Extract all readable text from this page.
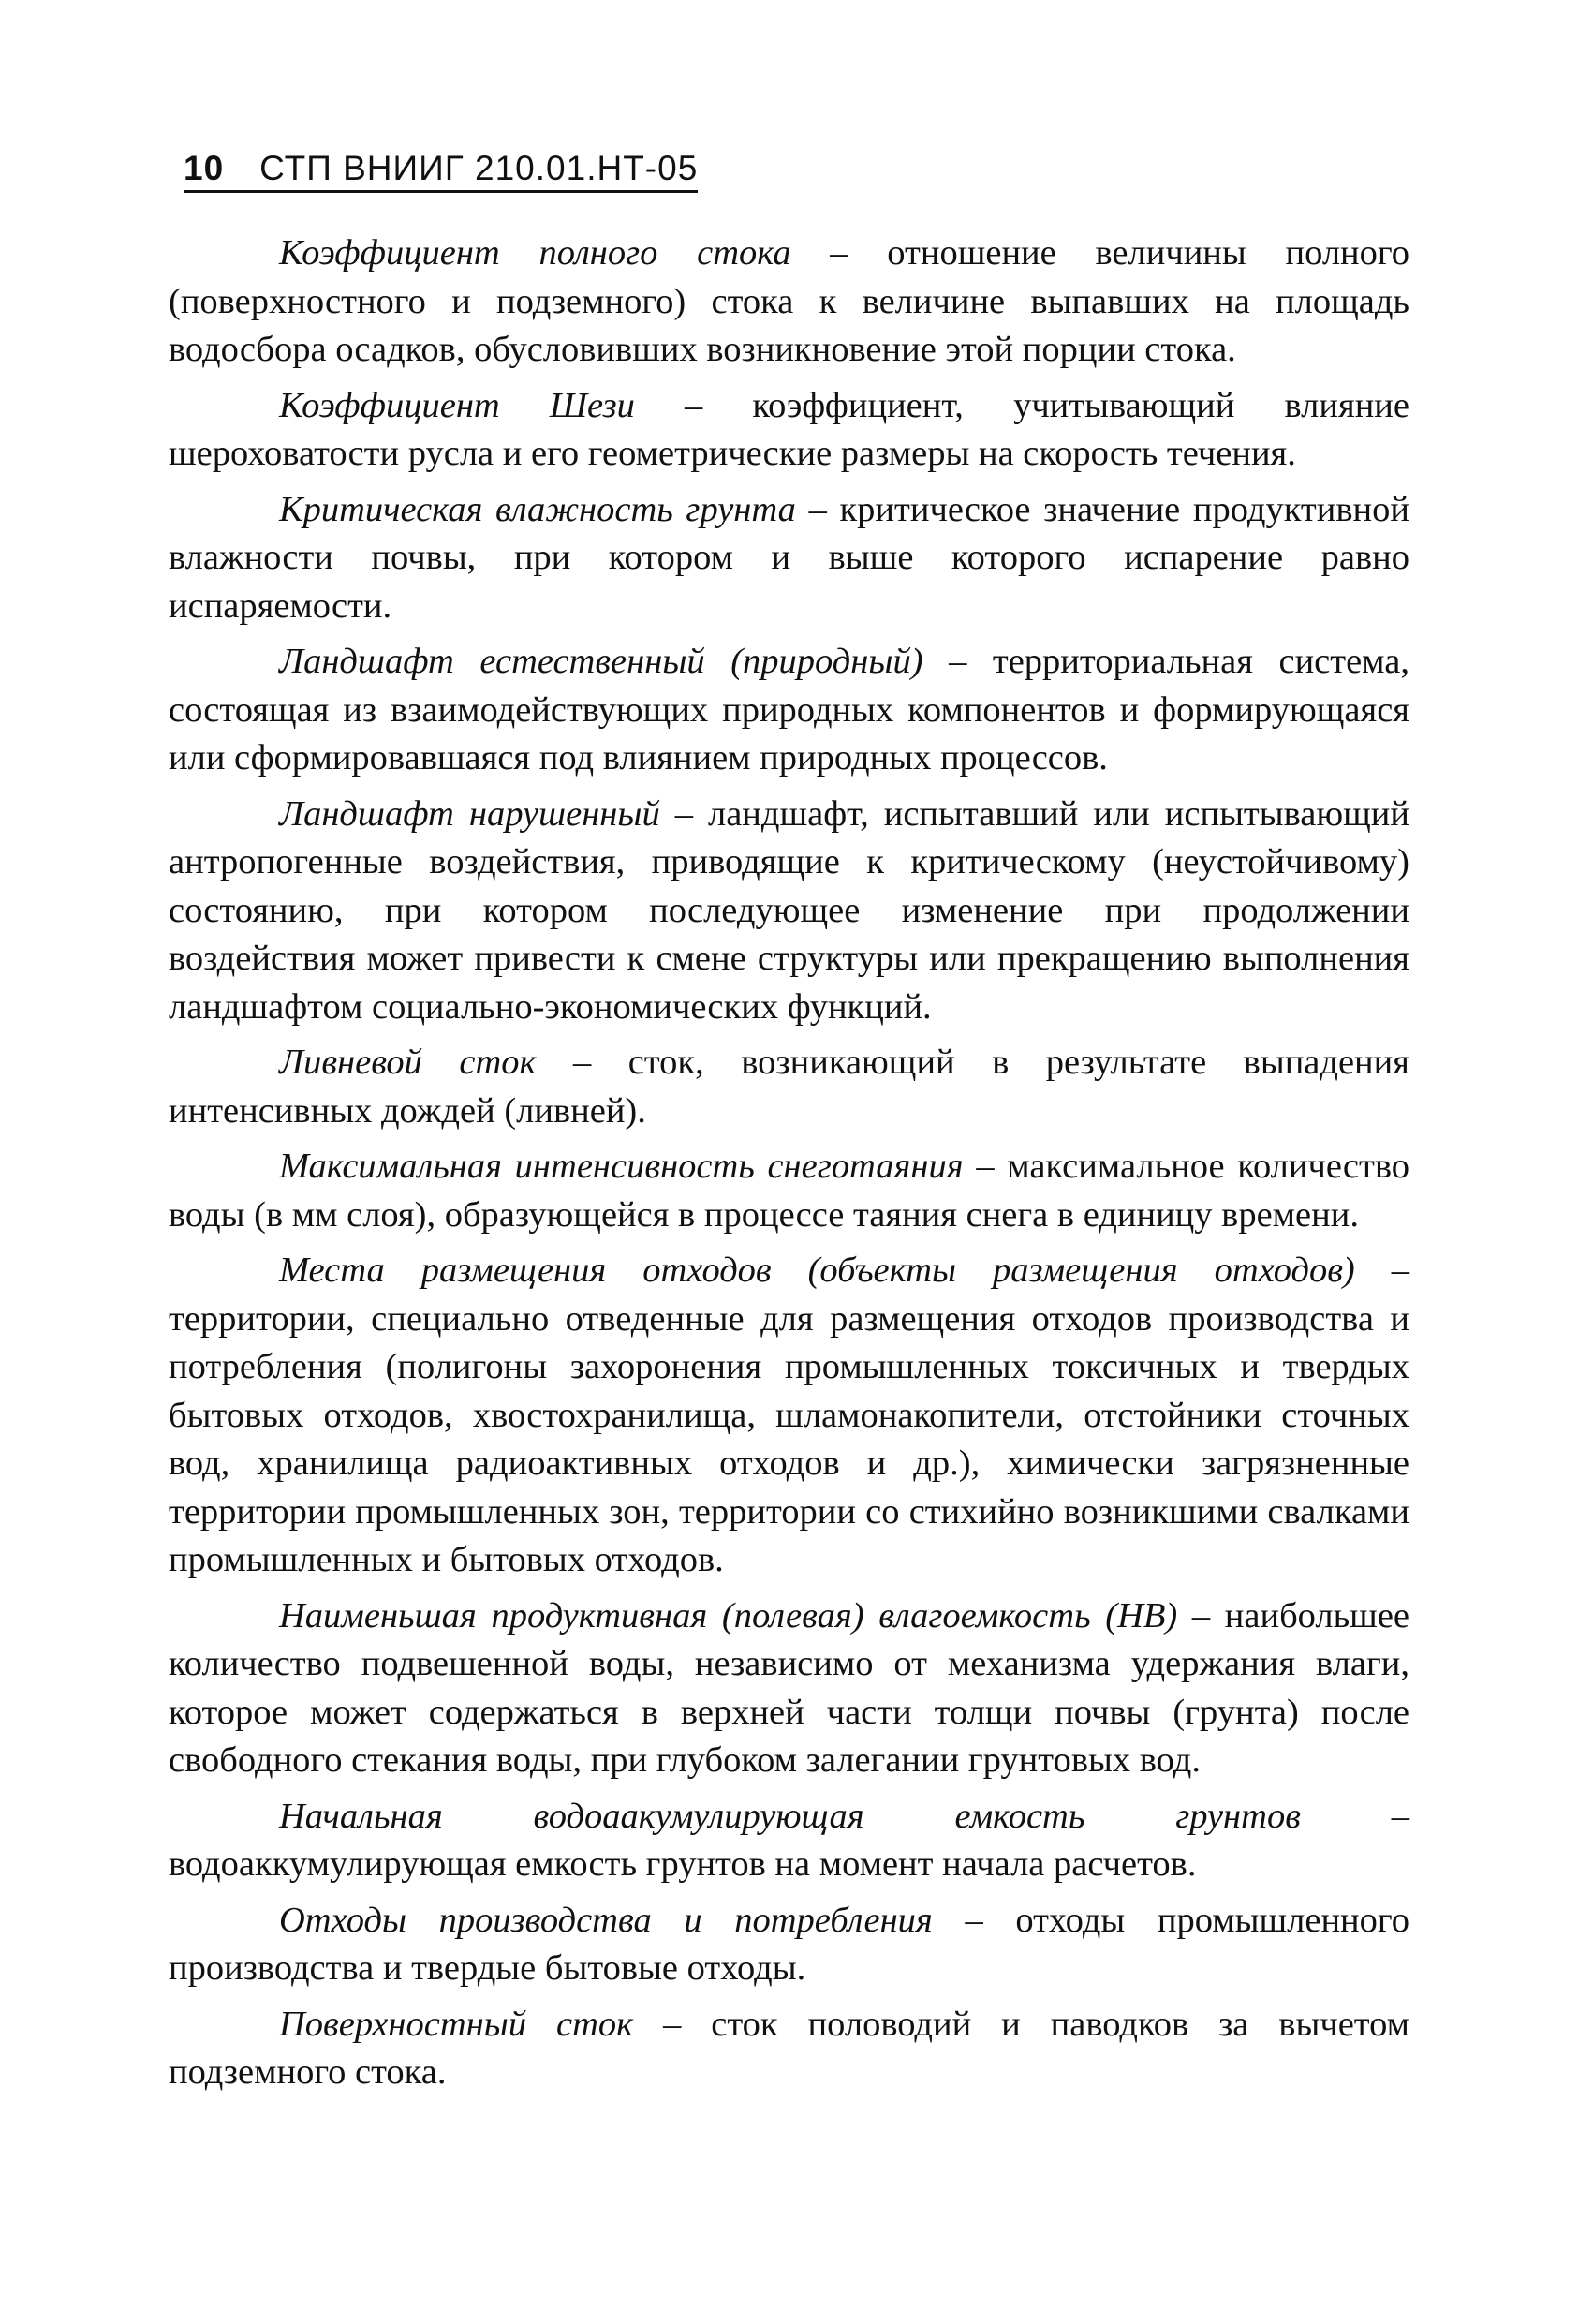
10 СТП ВНИИГ 210.01.НТ-05

Коэффициент полного стока – отношение величины полного (поверхностного и подземного) стока к величине выпавших на площадь водосбора осадков, обусловивших возникновение этой порции стока.

Коэффициент Шези – коэффициент, учитывающий влияние шероховатости русла и его геометрические размеры на скорость течения.

Критическая влажность грунта – критическое значение продуктивной влажности почвы, при котором и выше которого испарение равно испаряемости.

Ландшафт естественный (природный) – территориальная система, состоящая из взаимодействующих природных компонентов и формирующаяся или сформировавшаяся под влиянием природных процессов.

Ландшафт нарушенный – ландшафт, испытавший или испытывающий антропогенные воздействия, приводящие к критическому (неустойчивому) состоянию, при котором последующее изменение при продолжении воздействия может привести к смене структуры или прекращению выполнения ландшафтом социально-экономических функций.

Ливневой сток – сток, возникающий в результате выпадения интенсивных дождей (ливней).

Максимальная интенсивность снеготаяния – максимальное количество воды (в мм слоя), образующейся в процессе таяния снега в единицу времени.

Места размещения отходов (объекты размещения отходов) – территории, специально отведенные для размещения отходов производства и потребления (полигоны захоронения промышленных токсичных и твердых бытовых отходов, хвостохранилища, шламонакопители, отстойники сточных вод, хранилища радиоактивных отходов и др.), химически загрязненные территории промышленных зон, территории со стихийно возникшими свалками промышленных и бытовых отходов.

Наименьшая продуктивная (полевая) влагоемкость (НВ) – наибольшее количество подвешенной воды, независимо от механизма удержания влаги, которое может содержаться в верхней части толщи почвы (грунта) после свободного стекания воды, при глубоком залегании грунтовых вод.

Начальная водоаакумулирующая емкость грунтов – водоаккумулирующая емкость грунтов на момент начала расчетов.

Отходы производства и потребления – отходы промышленного производства и твердые бытовые отходы.

Поверхностный сток – сток половодий и паводков за вычетом подземного стока.
